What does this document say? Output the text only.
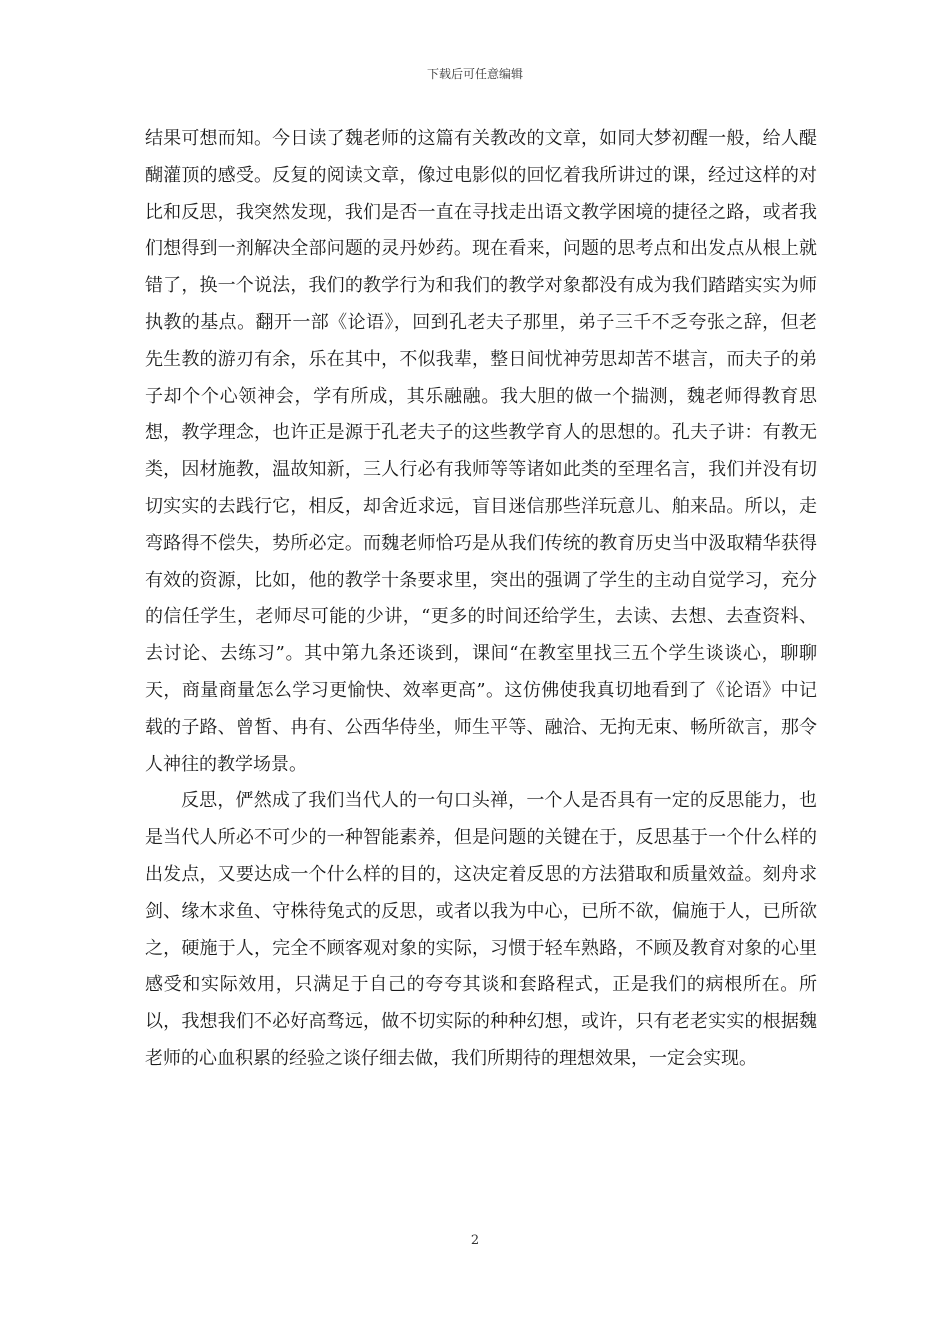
下载后可任意编辑

结果可想而知。今日读了魏老师的这篇有关教改的文章，如同大梦初醒一般，给人醍醐灌顶的感受。反复的阅读文章，像过电影似的回忆着我所讲过的课，经过这样的对比和反思，我突然发现，我们是否一直在寻找走出语文教学困境的捷径之路，或者我们想得到一剂解决全部问题的灵丹妙药。现在看来，问题的思考点和出发点从根上就错了，换一个说法，我们的教学行为和我们的教学对象都没有成为我们踏踏实实为师执教的基点。翻开一部《论语》，回到孔老夫子那里，弟子三千不乏夸张之辞，但老先生教的游刃有余，乐在其中，不似我辈，整日间忧神劳思却苦不堪言，而夫子的弟子却个个心领神会，学有所成，其乐融融。我大胆的做一个揣测，魏老师得教育思想，教学理念，也许正是源于孔老夫子的这些教学育人的思想的。孔夫子讲：有教无类，因材施教，温故知新，三人行必有我师等等诸如此类的至理名言，我们并没有切切实实的去践行它，相反，却舍近求远，盲目迷信那些洋玩意儿、舶来品。所以，走弯路得不偿失，势所必定。而魏老师恰巧是从我们传统的教育历史当中汲取精华获得有效的资源，比如，他的教学十条要求里，突出的强调了学生的主动自觉学习，充分的信任学生，老师尽可能的少讲，“更多的时间还给学生，去读、去想、去查资料、去讨论、去练习”。其中第九条还谈到，课间“在教室里找三五个学生谈谈心，聊聊天，商量商量怎么学习更愉快、效率更高”。这仿佛使我真切地看到了《论语》中记载的子路、曾皙、冉有、公西华侍坐，师生平等、融洽、无拘无束、畅所欲言，那令人神往的教学场景。

反思，俨然成了我们当代人的一句口头禅，一个人是否具有一定的反思能力，也是当代人所必不可少的一种智能素养，但是问题的关键在于，反思基于一个什么样的出发点，又要达成一个什么样的目的，这决定着反思的方法猎取和质量效益。刻舟求剑、缘木求鱼、守株待兔式的反思，或者以我为中心，已所不欲，偏施于人，已所欲之，硬施于人，完全不顾客观对象的实际，习惯于轻车熟路，不顾及教育对象的心里感受和实际效用，只满足于自己的夸夸其谈和套路程式，正是我们的病根所在。所以，我想我们不必好高骛远，做不切实际的种种幻想，或许，只有老老实实的根据魏老师的心血积累的经验之谈仔细去做，我们所期待的理想效果，一定会实现。

2
